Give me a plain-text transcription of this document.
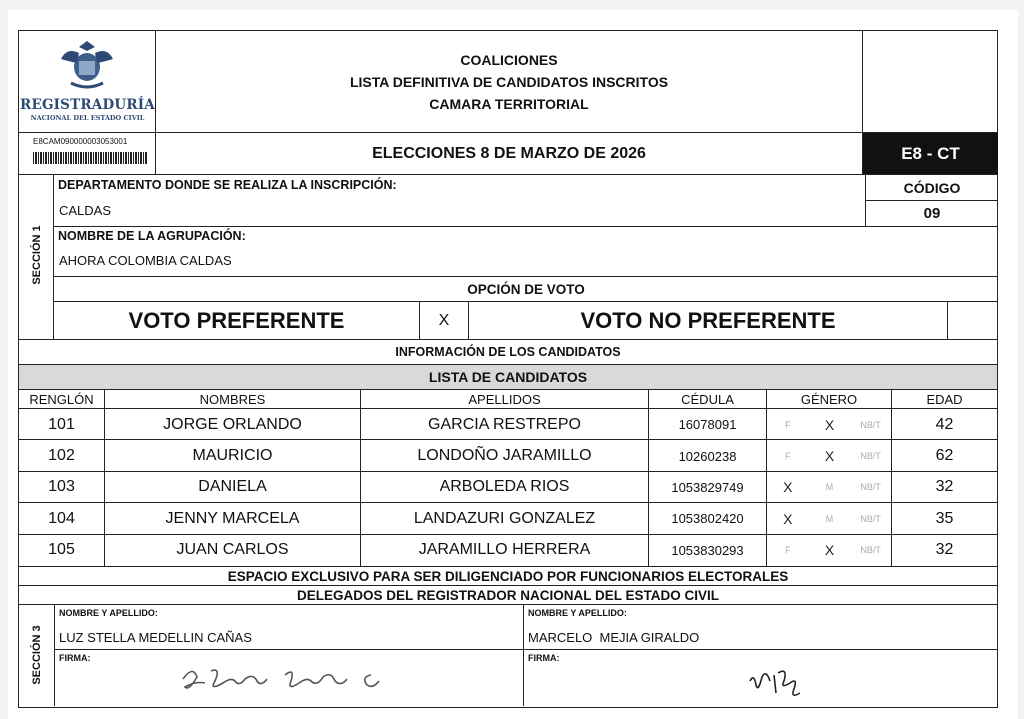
REGISTRADURÍA
NACIONAL DEL ESTADO CIVIL
COALICIONES
LISTA DEFINITIVA DE CANDIDATOS INSCRITOS
CAMARA TERRITORIAL
E8CAM090000003053001
ELECCIONES 8 DE MARZO DE 2026	E8 - CT
SECCIÓN 1
DEPARTAMENTO DONDE SE REALIZA LA INSCRIPCIÓN:
CALDAS
CÓDIGO
09
NOMBRE DE LA AGRUPACIÓN:
AHORA COLOMBIA CALDAS
OPCIÓN DE VOTO
VOTO PREFERENTE	X	VOTO NO PREFERENTE
INFORMACIÓN DE LOS CANDIDATOS
LISTA DE CANDIDATOS
RENGLÓN	NOMBRES	APELLIDOS	CÉDULA	GÉNERO	EDAD
101	JORGE ORLANDO	GARCIA RESTREPO	16078091	F	X	NB/T	42
102	MAURICIO	LONDOÑO JARAMILLO	10260238	F	X	NB/T	62
103	DANIELA	ARBOLEDA RIOS	1053829749	X	M	NB/T	32
104	JENNY MARCELA	LANDAZURI GONZALEZ	1053802420	X	M	NB/T	35
105	JUAN CARLOS	JARAMILLO HERRERA	1053830293	F	X	NB/T	32
ESPACIO EXCLUSIVO PARA SER DILIGENCIADO POR FUNCIONARIOS ELECTORALES
DELEGADOS DEL REGISTRADOR NACIONAL DEL ESTADO CIVIL
SECCIÓN 3
NOMBRE Y APELLIDO:
LUZ STELLA MEDELLIN CAÑAS
FIRMA:
NOMBRE Y APELLIDO:
MARCELO  MEJIA GIRALDO
FIRMA:
